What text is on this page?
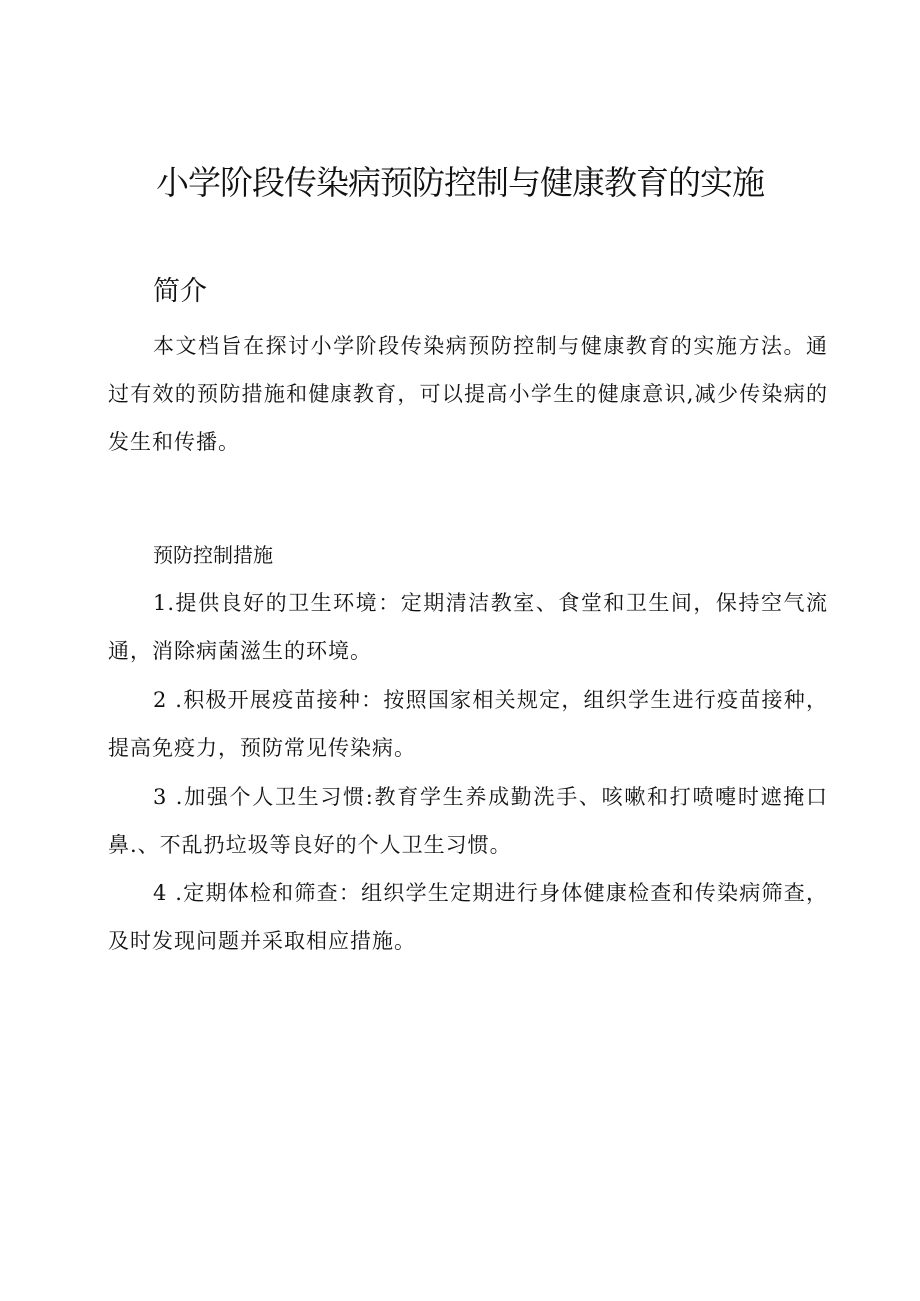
小学阶段传染病预防控制与健康教育的实施
简介

本文档旨在探讨小学阶段传染病预防控制与健康教育的实施方法。通过有效的预防措施和健康教育，可以提高小学生的健康意识,减少传染病的发生和传播。

预防控制措施

1.提供良好的卫生环境：定期清洁教室、食堂和卫生间，保持空气流通，消除病菌滋生的环境。

2 .积极开展疫苗接种：按照国家相关规定，组织学生进行疫苗接种，提高免疫力，预防常见传染病。

3 .加强个人卫生习惯:教育学生养成勤洗手、咳嗽和打喷嚏时遮掩口鼻.、不乱扔垃圾等良好的个人卫生习惯。

4 .定期体检和筛查：组织学生定期进行身体健康检查和传染病筛查，及时发现问题并采取相应措施。
